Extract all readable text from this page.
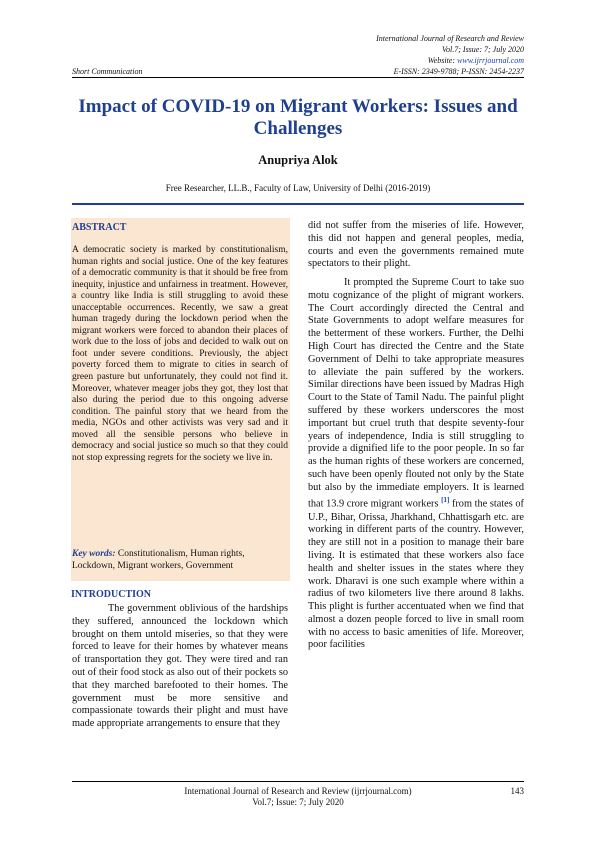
International Journal of Research and Review
Vol.7; Issue: 7; July 2020
Website: www.ijrrjournal.com
E-ISSN: 2349-9788; P-ISSN: 2454-2237
Short Communication
Impact of COVID-19 on Migrant Workers: Issues and Challenges
Anupriya Alok
Free Researcher, LL.B., Faculty of Law, University of Delhi (2016-2019)
ABSTRACT
A democratic society is marked by constitutionalism, human rights and social justice. One of the key features of a democratic community is that it should be free from inequity, injustice and unfairness in treatment. However, a country like India is still struggling to avoid these unacceptable occurrences. Recently, we saw a great human tragedy during the lockdown period when the migrant workers were forced to abandon their places of work due to the loss of jobs and decided to walk out on foot under severe conditions. Previously, the abject poverty forced them to migrate to cities in search of green pasture but unfortunately, they could not find it. Moreover, whatever meager jobs they got, they lost that also during the period due to this ongoing adverse condition. The painful story that we heard from the media, NGOs and other activists was very sad and it moved all the sensible persons who believe in democracy and social justice so much so that they could not stop expressing regrets for the society we live in.
Key words: Constitutionalism, Human rights, Lockdown, Migrant workers, Government
INTRODUCTION

The government oblivious of the hardships they suffered, announced the lockdown which brought on them untold miseries, so that they were forced to leave for their homes by whatever means of transportation they got. They were tired and ran out of their food stock as also out of their pockets so that they marched barefooted to their homes. The government must be more sensitive and compassionate towards their plight and must have made appropriate arrangements to ensure that they

did not suffer from the miseries of life. However, this did not happen and general peoples, media, courts and even the governments remained mute spectators to their plight.

It prompted the Supreme Court to take suo motu cognizance of the plight of migrant workers. The Court accordingly directed the Central and State Governments to adopt welfare measures for the betterment of these workers. Further, the Delhi High Court has directed the Centre and the State Government of Delhi to take appropriate measures to alleviate the pain suffered by the workers. Similar directions have been issued by Madras High Court to the State of Tamil Nadu. The painful plight suffered by these workers underscores the most important but cruel truth that despite seventy-four years of independence, India is still struggling to provide a dignified life to the poor people. In so far as the human rights of these workers are concerned, such have been openly flouted not only by the State but also by the immediate employers. It is learned that 13.9 crore migrant workers [1] from the states of U.P., Bihar, Orissa, Jharkhand, Chhattisgarh etc. are working in different parts of the country. However, they are still not in a position to manage their bare living. It is estimated that these workers also face health and shelter issues in the states where they work. Dharavi is one such example where within a radius of two kilometers live there around 8 lakhs. This plight is further accentuated when we find that almost a dozen people forced to live in small room with no access to basic amenities of life. Moreover, poor facilities

International Journal of Research and Review (ijrrjournal.com)
Vol.7; Issue: 7; July 2020
143
